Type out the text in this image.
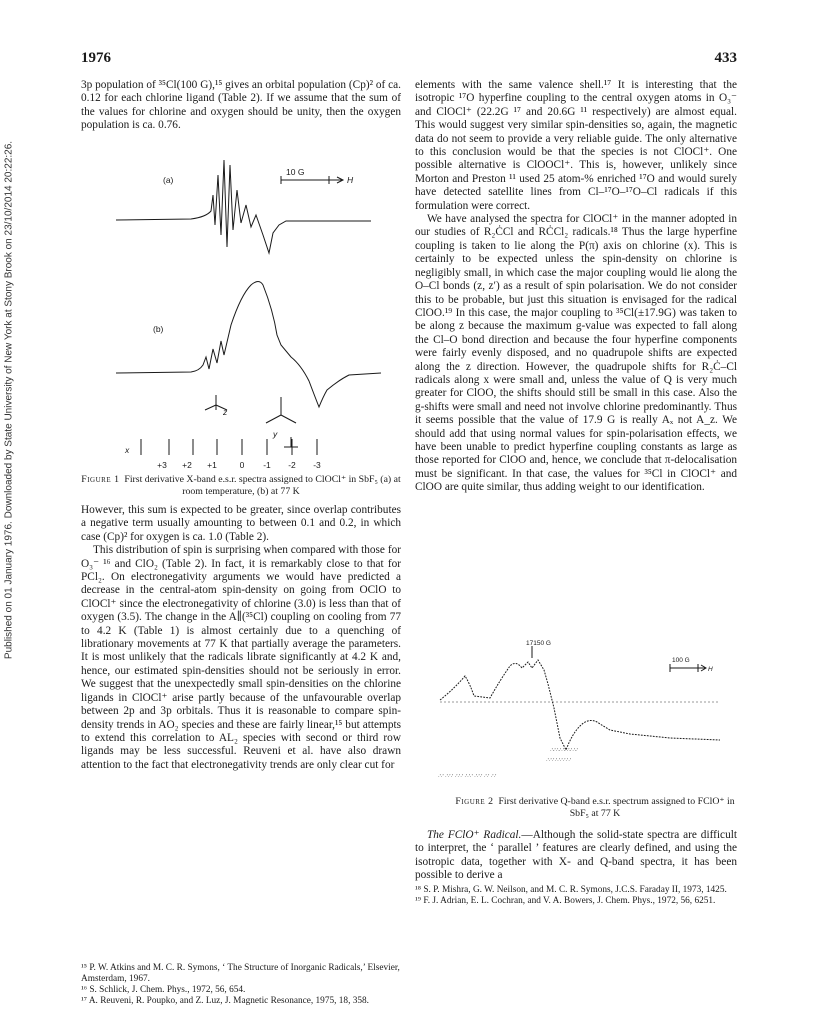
Published on 01 January 1976. Downloaded by State University of New York at Stony Brook on 23/10/2014 20:22:26.
1976	433

3p population of ³⁵Cl(100 G),¹⁵ gives an orbital population (Cp)² of ca. 0.12 for each chlorine ligand (Table 2). If we assume that the sum of the values for chlorine and oxygen should be unity, then the oxygen population is ca. 0.76.

(a)
10 G
H
(b)
x
y
z
+3 +2 +1	0 -1 -2 -3
Figure 1 First derivative X-band e.s.r. spectra assigned to ClOCl⁺ in SbF₅ (a) at room temperature, (b) at 77 K

However, this sum is expected to be greater, since overlap contributes a negative term usually amounting to between 0.1 and 0.2, in which case (Cp)² for oxygen is ca. 1.0 (Table 2).

This distribution of spin is surprising when compared with those for O₃⁻ ¹⁶ and ClO₂ (Table 2). In fact, it is remarkably close to that for PCl₂. On electronegativity arguments we would have predicted a decrease in the central-atom spin-density on going from OClO to ClOCl⁺ since the electronegativity of chlorine (3.0) is less than that of oxygen (3.5). The change in the A∥(³⁵Cl) coupling on cooling from 77 to 4.2 K (Table 1) is almost certainly due to a quenching of librationary movements at 77 K that partially average the parameters. It is most unlikely that the radicals librate significantly at 4.2 K and, hence, our estimated spin-densities should not be seriously in error. We suggest that the unexpectedly small spin-densities on the chlorine ligands in ClOCl⁺ arise partly because of the unfavourable overlap between 2p and 3p orbitals. Thus it is reasonable to compare spin-density trends in AO₂ species and these are fairly linear,¹⁵ but attempts to extend this correlation to AL₂ species with second or third row ligands may be less successful. Reuveni et al. have also drawn attention to the fact that electronegativity trends are only clear cut for

¹⁵ P. W. Atkins and M. C. R. Symons, ‘ The Structure of Inorganic Radicals,’ Elsevier, Amsterdam, 1967.

¹⁶ S. Schlick, J. Chem. Phys., 1972, 56, 654.

¹⁷ A. Reuveni, R. Poupko, and Z. Luz, J. Magnetic Resonance, 1975, 18, 358.

elements with the same valence shell.¹⁷ It is interesting that the isotropic ¹⁷O hyperfine coupling to the central oxygen atoms in O₃⁻ and ClOCl⁺ (22.2G ¹⁷ and 20.6G ¹¹ respectively) are almost equal. This would suggest very similar spin-densities so, again, the magnetic data do not seem to provide a very reliable guide. The only alternative to this conclusion would be that the species is not ClOCl⁺. One possible alternative is ClOOCl⁺. This is, however, unlikely since Morton and Preston ¹¹ used 25 atom-% enriched ¹⁷O and would surely have detected satellite lines from Cl–¹⁷O–¹⁷O–Cl radicals if this formulation were correct.

We have analysed the spectra for ClOCl⁺ in the manner adopted in our studies of R₂ĊCl and RĊCl₂ radicals.¹⁸ Thus the large hyperfine coupling is taken to lie along the P(π) axis on chlorine (x). This is certainly to be expected unless the spin-density on chlorine is negligibly small, in which case the major coupling would lie along the O–Cl bonds (z, z′) as a result of spin polarisation. We do not consider this to be probable, but just this situation is envisaged for the radical ClOO.¹⁹ In this case, the major coupling to ³⁵Cl(±17.9G) was taken to be along z because the maximum g-value was expected to fall along the Cl–O bond direction and because the four hyperfine components were fairly evenly disposed, and no quadrupole shifts are expected along the z direction. However, the quadrupole shifts for R₂Ċ–Cl radicals along x were small and, unless the value of Q is very much greater for ClOO, the shifts should still be small in this case. Also the g-shifts were small and need not involve chlorine predominantly. Thus it seems possible that the value of 17.9 G is really Aₓ not A_z. We should add that using normal values for spin-polarisation effects, we have been unable to predict hyperfine coupling constants as large as those reported for ClOO and, hence, we conclude that π-delocalisation must be significant. In that case, the values for ³⁵Cl in ClOCl⁺ and ClOO are quite similar, thus adding weight to our identification.

17150 G
100 G
H
·ʼ-ʼ·ʼ-ʼ·ʼ-ʼ·ʼ-ʼ·ʼ-ʼ
·ʼ·ʼ·ʼ·ʼ·ʼ·ʼ·ʼ·ʼ·ʼ
·ʼ·ʼ ·ʼ·ʼ·ʼ ·ʼ·ʼ·ʼ ·ʼ·ʼ·ʼ ·ʼ·ʼ·ʼ ·ʼ·ʼ ·ʼ·ʼ
Figure 2 First derivative Q-band e.s.r. spectrum assigned to FClO⁺ in SbF₅ at 77 K

The FClO⁺ Radical.—Although the solid-state spectra are difficult to interpret, the ‘ parallel ’ features are clearly defined, and using the isotropic data, together with X- and Q-band spectra, it has been possible to derive a

¹⁸ S. P. Mishra, G. W. Neilson, and M. C. R. Symons, J.C.S. Faraday II, 1973, 1425.

¹⁹ F. J. Adrian, E. L. Cochran, and V. A. Bowers, J. Chem. Phys., 1972, 56, 6251.
